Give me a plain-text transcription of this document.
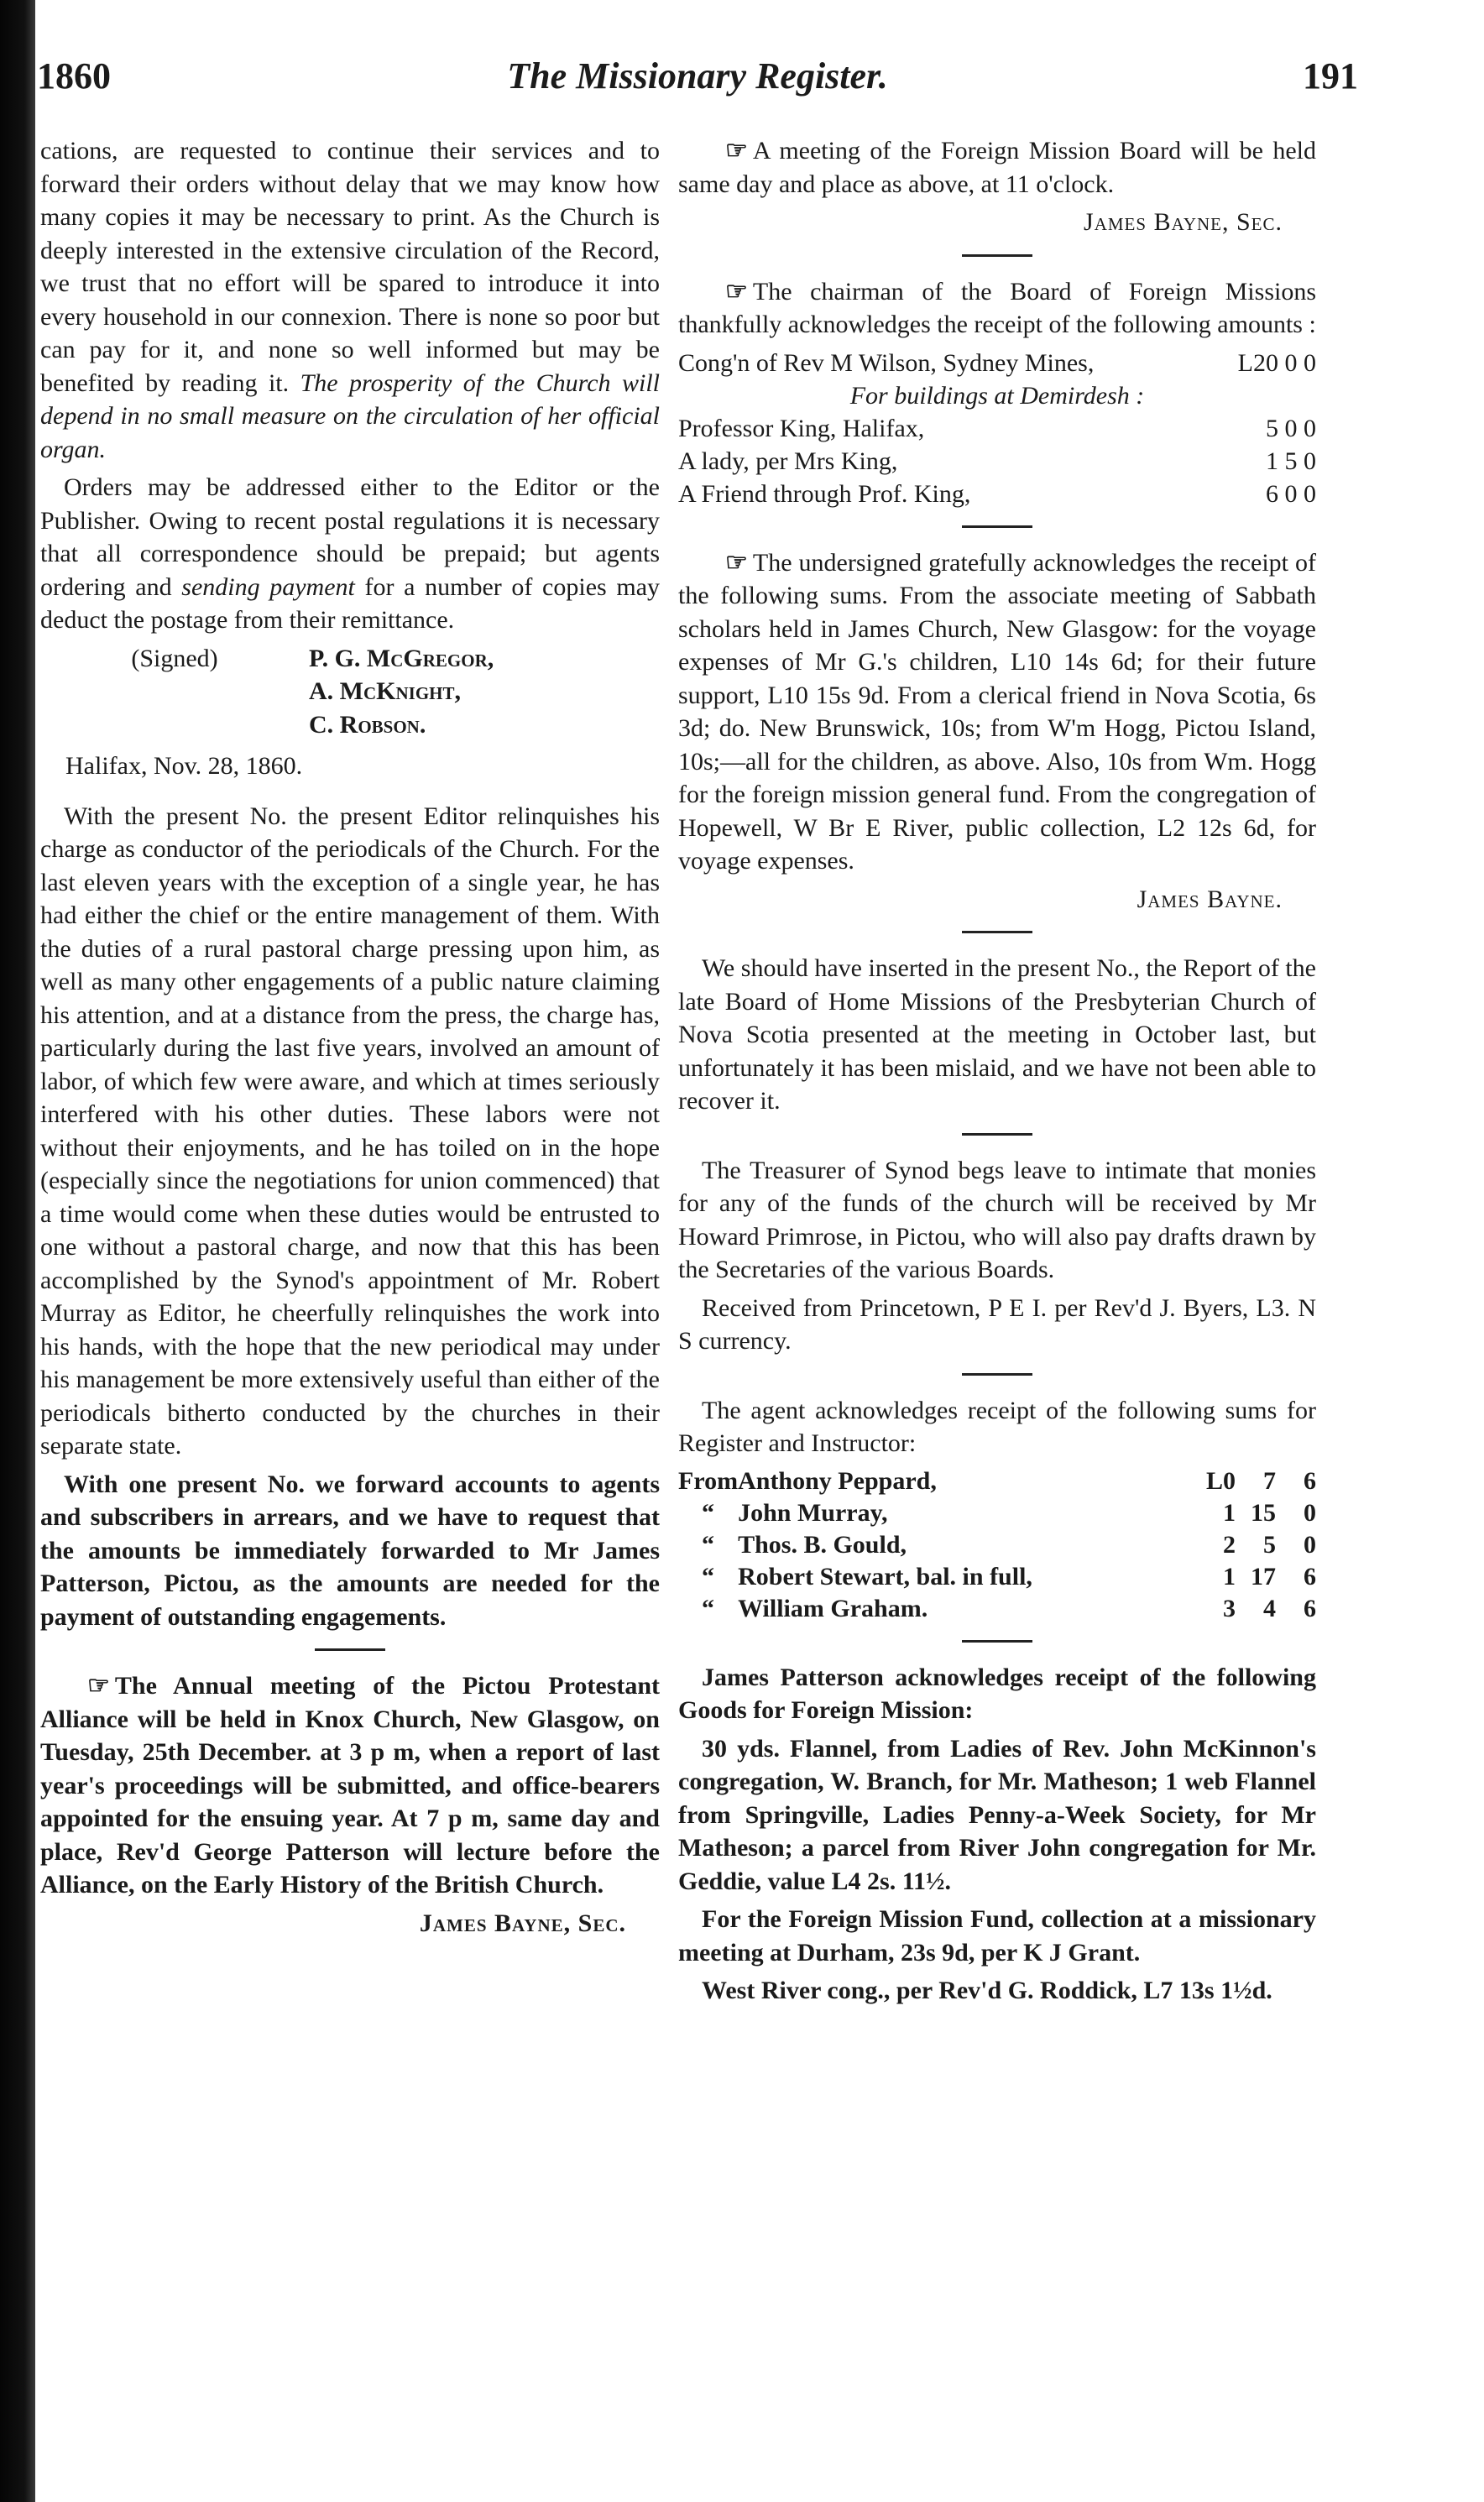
1860	The Missionary Register.	191

cations, are requested to continue their services and to forward their orders without delay that we may know how many copies it may be necessary to print. As the Church is deeply interested in the extensive circulation of the Record, we trust that no effort will be spared to introduce it into every household in our connexion. There is none so poor but can pay for it, and none so well informed but may be benefited by reading it. The prosperity of the Church will depend in no small measure on the circulation of her official organ.

Orders may be addressed either to the Editor or the Publisher. Owing to recent postal regulations it is necessary that all correspondence should be prepaid; but agents ordering and sending payment for a number of copies may deduct the postage from their remittance.

(Signed)	P. G. McGregor,
A. McKnight,
C. Robson.
Halifax, Nov. 28, 1860.

With the present No. the present Editor relinquishes his charge as conductor of the periodicals of the Church. For the last eleven years with the exception of a single year, he has had either the chief or the entire management of them. With the duties of a rural pastoral charge pressing upon him, as well as many other engagements of a public nature claiming his attention, and at a distance from the press, the charge has, particularly during the last five years, involved an amount of labor, of which few were aware, and which at times seriously interfered with his other duties. These labors were not without their enjoyments, and he has toiled on in the hope (especially since the negotiations for union commenced) that a time would come when these duties would be entrusted to one without a pastoral charge, and now that this has been accomplished by the Synod's appointment of Mr. Robert Murray as Editor, he cheerfully relinquishes the work into his hands, with the hope that the new periodical may under his management be more extensively useful than either of the periodicals bitherto conducted by the churches in their separate state.

With one present No. we forward accounts to agents and subscribers in arrears, and we have to request that the amounts be immediately forwarded to Mr James Patterson, Pictou, as the amounts are needed for the payment of outstanding engagements.

☞ The Annual meeting of the Pictou Protestant Alliance will be held in Knox Church, New Glasgow, on Tuesday, 25th December. at 3 p m, when a report of last year's proceedings will be submitted, and office-bearers appointed for the ensuing year. At 7 p m, same day and place, Rev'd George Patterson will lecture before the Alliance, on the Early History of the British Church.

James Bayne, Sec.

☞ A meeting of the Foreign Mission Board will be held same day and place as above, at 11 o'clock.

James Bayne, Sec.

☞ The chairman of the Board of Foreign Missions thankfully acknowledges the receipt of the following amounts :

Cong'n of Rev M Wilson, Sydney Mines,	L20 0 0
For buildings at Demirdesh :	
Professor King, Halifax,	5 0 0
A lady, per Mrs King,	1 5 0
A Friend through Prof. King,	6 0 0

☞ The undersigned gratefully acknowledges the receipt of the following sums. From the associate meeting of Sabbath scholars held in James Church, New Glasgow: for the voyage expenses of Mr G.'s children, L10 14s 6d; for their future support, L10 15s 9d. From a clerical friend in Nova Scotia, 6s 3d; do. New Brunswick, 10s; from W'm Hogg, Pictou Island, 10s;—all for the children, as above. Also, 10s from Wm. Hogg for the foreign mission general fund. From the congregation of Hopewell, W Br E River, public collection, L2 12s 6d, for voyage expenses.

James Bayne.

We should have inserted in the present No., the Report of the late Board of Home Missions of the Presbyterian Church of Nova Scotia presented at the meeting in October last, but unfortunately it has been mislaid, and we have not been able to recover it.

The Treasurer of Synod begs leave to intimate that monies for any of the funds of the church will be received by Mr Howard Primrose, in Pictou, who will also pay drafts drawn by the Secretaries of the various Boards.

Received from Princetown, P E I. per Rev'd J. Byers, L3. N S currency.

The agent acknowledges receipt of the following sums for Register and Instructor:

From	Anthony Peppard,	L0	7	6
“	John Murray,	1	15	0
“	Thos. B. Gould,	2	5	0
“	Robert Stewart, bal. in full,	1	17	6
“	William Graham.	3	4	6

James Patterson acknowledges receipt of the following Goods for Foreign Mission:

30 yds. Flannel, from Ladies of Rev. John McKinnon's congregation, W. Branch, for Mr. Matheson; 1 web Flannel from Springville, Ladies Penny-a-Week Society, for Mr Matheson; a parcel from River John congregation for Mr. Geddie, value L4 2s. 11½.

For the Foreign Mission Fund, collection at a missionary meeting at Durham, 23s 9d, per K J Grant.

West River cong., per Rev'd G. Roddick, L7 13s 1½d.
